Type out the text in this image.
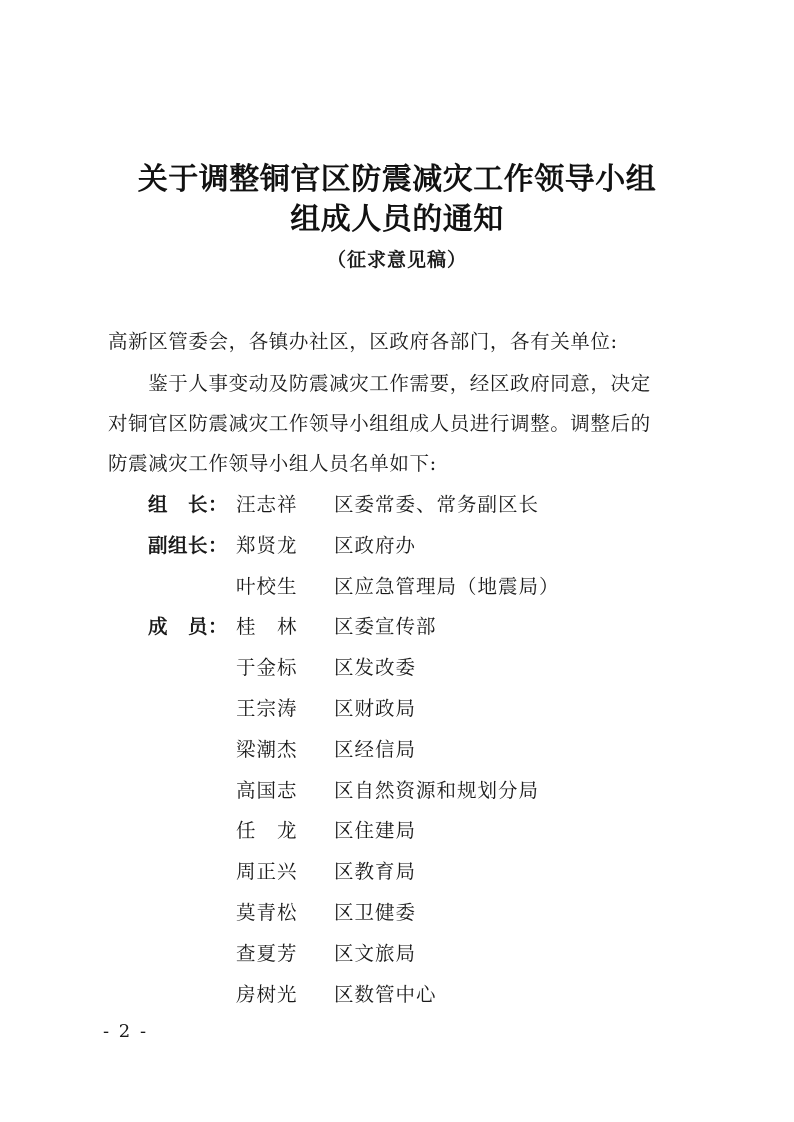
关于调整铜官区防震减灾工作领导小组
组成人员的通知
（征求意见稿）
高新区管委会，各镇办社区，区政府各部门，各有关单位:
　　鉴于人事变动及防震减灾工作需要，经区政府同意，决定
对铜官区防震减灾工作领导小组组成人员进行调整。调整后的
防震减灾工作领导小组人员名单如下:
组　长： 汪志祥 区委常委、常务副区长
副组长： 郑贤龙 区政府办
叶校生 区应急管理局（地震局）
成　员： 桂　林 区委宣传部
于金标 区发改委
王宗涛 区财政局
梁潮杰 区经信局
高国志 区自然资源和规划分局
任　龙 区住建局
周正兴 区教育局
莫青松 区卫健委
查夏芳 区文旅局
房树光 区数管中心
- 2 -
